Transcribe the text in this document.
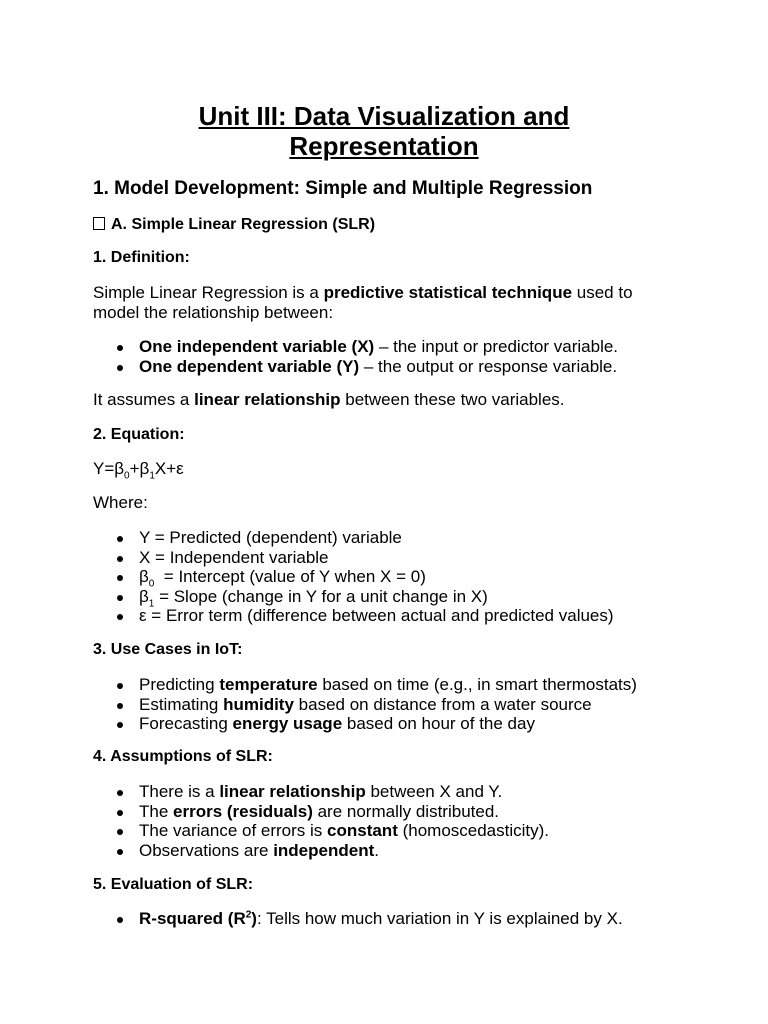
Unit III: Data Visualization and
Representation
1. Model Development: Simple and Multiple Regression
A. Simple Linear Regression (SLR)
1. Definition:

Simple Linear Regression is a predictive statistical technique used to
model the relationship between:

One independent variable (X) – the input or predictor variable.
One dependent variable (Y) – the output or response variable.

It assumes a linear relationship between these two variables.

2. Equation:

$Y=\beta_0+\beta_1X+\varepsilon$

Where:

Y = Predicted (dependent) variable
X = Independent variable
$\beta_0$  = Intercept (value of Y when X = 0)
$\beta_1$ = Slope (change in Y for a unit change in X)
ε = Error term (difference between actual and predicted values)
3. Use Cases in IoT:
Predicting temperature based on time (e.g., in smart thermostats)
Estimating humidity based on distance from a water source
Forecasting energy usage based on hour of the day
4. Assumptions of SLR:
There is a linear relationship between X and Y.
The errors (residuals) are normally distributed.
The variance of errors is constant (homoscedasticity).
Observations are independent.
5. Evaluation of SLR:
R-squared $(R^2)$: Tells how much variation in Y is explained by X.
